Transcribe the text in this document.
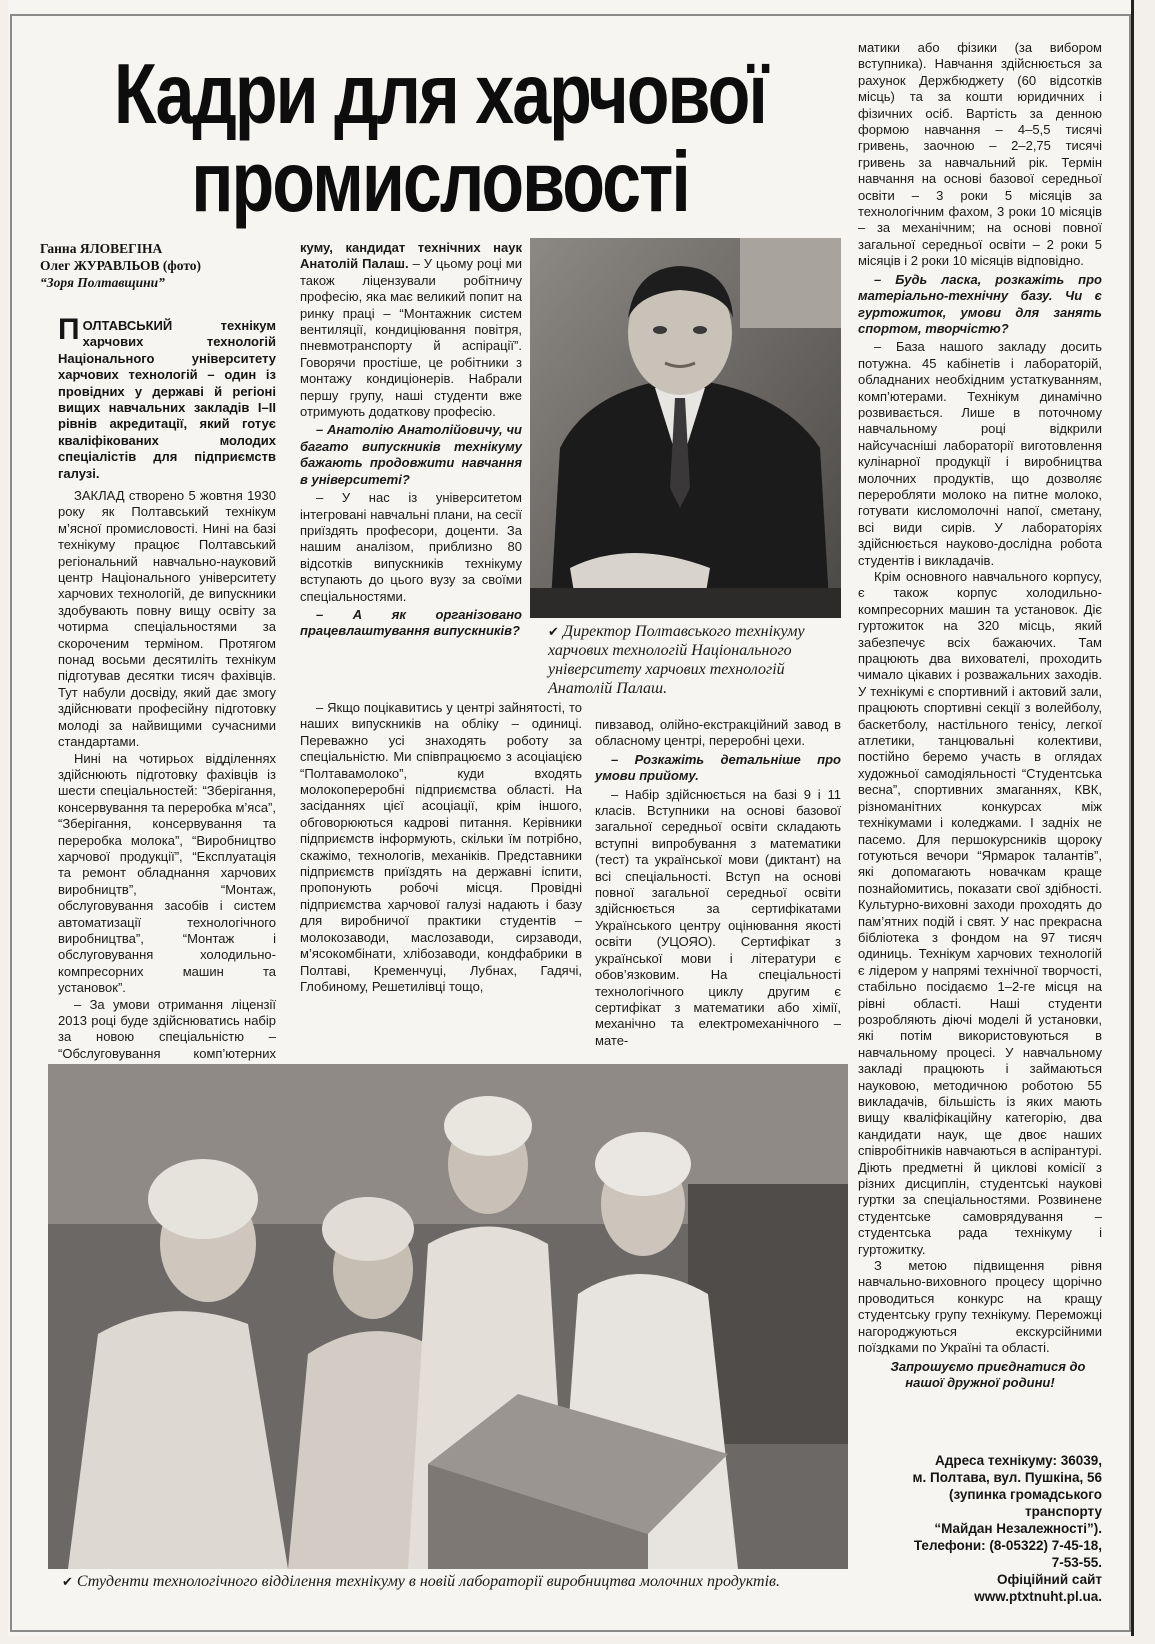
Кадри для харчової промисловості
Ганна ЯЛОВЕГІНА
Олег ЖУРАВЛЬОВ (фото)
“Зоря Полтавщини”
ПОЛТАВСЬКИЙ технікум харчових технологій Національного університету харчових технологій – один із провідних у державі й регіоні вищих навчальних закладів І–ІІ рівнів акредитації, який готує кваліфікованих молодих спеціалістів для підприємств галузі.

ЗАКЛАД створено 5 жовтня 1930 року як Полтавський технікум м’ясної промисловості. Нині на базі технікуму працює Полтавський регіональний навчально-науковий центр Національного університету харчових технологій, де випускники здобувають повну вищу освіту за чотирма спеціальностями за скороченим терміном. Протягом понад восьми десятиліть технікум підготував десятки тисяч фахівців. Тут набули досвіду, який дає змогу здійснювати професійну підготовку молоді за найвищими сучасними стандартами.

Нині на чотирьох відділеннях здійснюють підготовку фахівців із шести спеціальностей: “Зберігання, консервування та переробка м’яса”, “Зберігання, консервування та переробка молока”, “Виробництво харчової продукції”, “Експлуатація та ремонт обладнання харчових виробництв”, “Монтаж, обслуговування засобів і систем автоматизації технологічного виробництва”, “Монтаж і обслуговування холодильно-компресорних машин та установок”.

– За умови отримання ліцензії 2013 році буде здійснюватись набір за новою спеціальністю – “Обслуговування комп’ютерних

куму, кандидат технічних наук Анатолій Палаш. – У цьому році ми також ліцензували робітничу професію, яка має великий попит на ринку праці – “Монтажник систем вентиляції, кондиціювання повітря, пневмотранспорту й аспірації”. Говорячи простіше, це робітники з монтажу кондиціонерів. Набрали першу групу, наші студенти вже отримують додаткову професію.

– Анатолію Анатолійовичу, чи багато випускників технікуму бажають продовжити навчання в університеті?

– У нас із університетом інтегровані навчальні плани, на сесії приїздять професори, доценти. За нашим аналізом, приблизно 80 відсотків випускників технікуму вступають до цього вузу за своїми спеціальностями.

– А як організовано працевлаштування випускників?

– Якщо поцікавитись у центрі зайнятості, то наших випускників на обліку – одиниці. Переважно усі знаходять роботу за спеціальністю. Ми співпрацюємо з асоціацією “Полтавамолоко”, куди входять молокопереробні підприємства області. На засіданнях цієї асоціації, крім іншого, обговорюються кадрові питання. Керівники підприємств інформують, скільки їм потрібно, скажімо, технологів, механіків. Представники підприємств приїздять на державні іспити, пропонують робочі місця. Провідні підприємства харчової галузі надають і базу для виробничої практики студентів – молокозаводи, маслозаводи, сирзаводи, м’ясокомбінати, хлібозаводи, кондфабрики в Полтаві, Кременчуці, Лубнах, Гадячі, Глобиному, Решетилівці тощо,

пивзавод, олійно-екстракційний завод в обласному центрі, переробні цехи.

– Розкажіть детальніше про умови прийому.

– Набір здійснюється на базі 9 і 11 класів. Вступники на основі базової загальної середньої освіти складають вступні випробування з математики (тест) та української мови (диктант) на всі спеціальності. Вступ на основі повної загальної середньої освіти здійснюється за сертифікатами Українського центру оцінювання якості освіти (УЦОЯО). Сертифікат з української мови і літератури є обов’язковим. На спеціальності технологічного циклу другим є сертифікат з математики або хімії, механічно та електромеханічного – мате-

✔ Директор Полтавського технікуму харчових технологій Національного університету харчових технологій Анатолій Палаш.
✔ Студенти технологічного відділення технікуму в новій лабораторії виробництва молочних продуктів.

матики або фізики (за вибором вступника). Навчання здійснюється за рахунок Держбюджету (60 відсотків місць) та за кошти юридичних і фізичних осіб. Вартість за денною формою навчання – 4–5,5 тисячі гривень, заочною – 2–2,75 тисячі гривень за навчальний рік. Термін навчання на основі базової середньої освіти – 3 роки 5 місяців за технологічним фахом, 3 роки 10 місяців – за механічним; на основі повної загальної середньої освіти – 2 роки 5 місяців і 2 роки 10 місяців відповідно.

– Будь ласка, розкажіть про матеріально-технічну базу. Чи є гуртожиток, умови для занять спортом, творчістю?

– База нашого закладу досить потужна. 45 кабінетів і лабораторій, обладнаних необхідним устаткуванням, комп’ютерами. Технікум динамічно розвивається. Лише в поточному навчальному році відкрили найсучасніші лабораторії виготовлення кулінарної продукції і виробництва молочних продуктів, що дозволяє переробляти молоко на питне молоко, готувати кисломолочні напої, сметану, всі види сирів. У лабораторіях здійснюється науково-дослідна робота студентів і викладачів.

Крім основного навчального корпусу, є також корпус холодильно-компресорних машин та установок. Діє гуртожиток на 320 місць, який забезпечує всіх бажаючих. Там працюють два вихователі, проходить чимало цікавих і розважальних заходів. У технікумі є спортивний і актовий зали, працюють спортивні секції з волейболу, баскетболу, настільного тенісу, легкої атлетики, танцювальні колективи, постійно беремо участь в оглядах художньої самодіяльності “Студентська весна”, спортивних змаганнях, КВК, різноманітних конкурсах між технікумами і коледжами. І задніх не пасемо. Для першокурсників щороку готуються вечори “Ярмарок талантів”, які допомагають новачкам краще познайомитись, показати свої здібності. Культурно-виховні заходи проходять до пам’ятних подій і свят. У нас прекрасна бібліотека з фондом на 97 тисяч одиниць. Технікум харчових технологій є лідером у напрямі технічної творчості, стабільно посідаємо 1–2-ге місця на рівні області. Наші студенти розробляють діючі моделі й установки, які потім використовуються в навчальному процесі. У навчальному закладі працюють і займаються науковою, методичною роботою 55 викладачів, більшість із яких мають вищу кваліфікаційну категорію, два кандидати наук, ще двоє наших співробітників навчаються в аспірантурі. Діють предметні й циклові комісії з різних дисциплін, студентські наукові гуртки за спеціальностями. Розвинене студентське самоврядування – студентська рада технікуму і гуртожитку.

З метою підвищення рівня навчально-виховного процесу щорічно проводиться конкурс на кращу студентську групу технікуму. Переможці нагороджуються екскурсійними поїздками по Україні та області.

Запрошуємо приєднатися до нашої дружної родини!

Адреса технікуму: 36039,
м. Полтава, вул. Пушкіна, 56
(зупинка громадського
транспорту
“Майдан Незалежності”).
Телефони: (8-05322) 7-45-18,
7-53-55.
Офіційний сайт
www.ptxtnuht.pl.ua.
